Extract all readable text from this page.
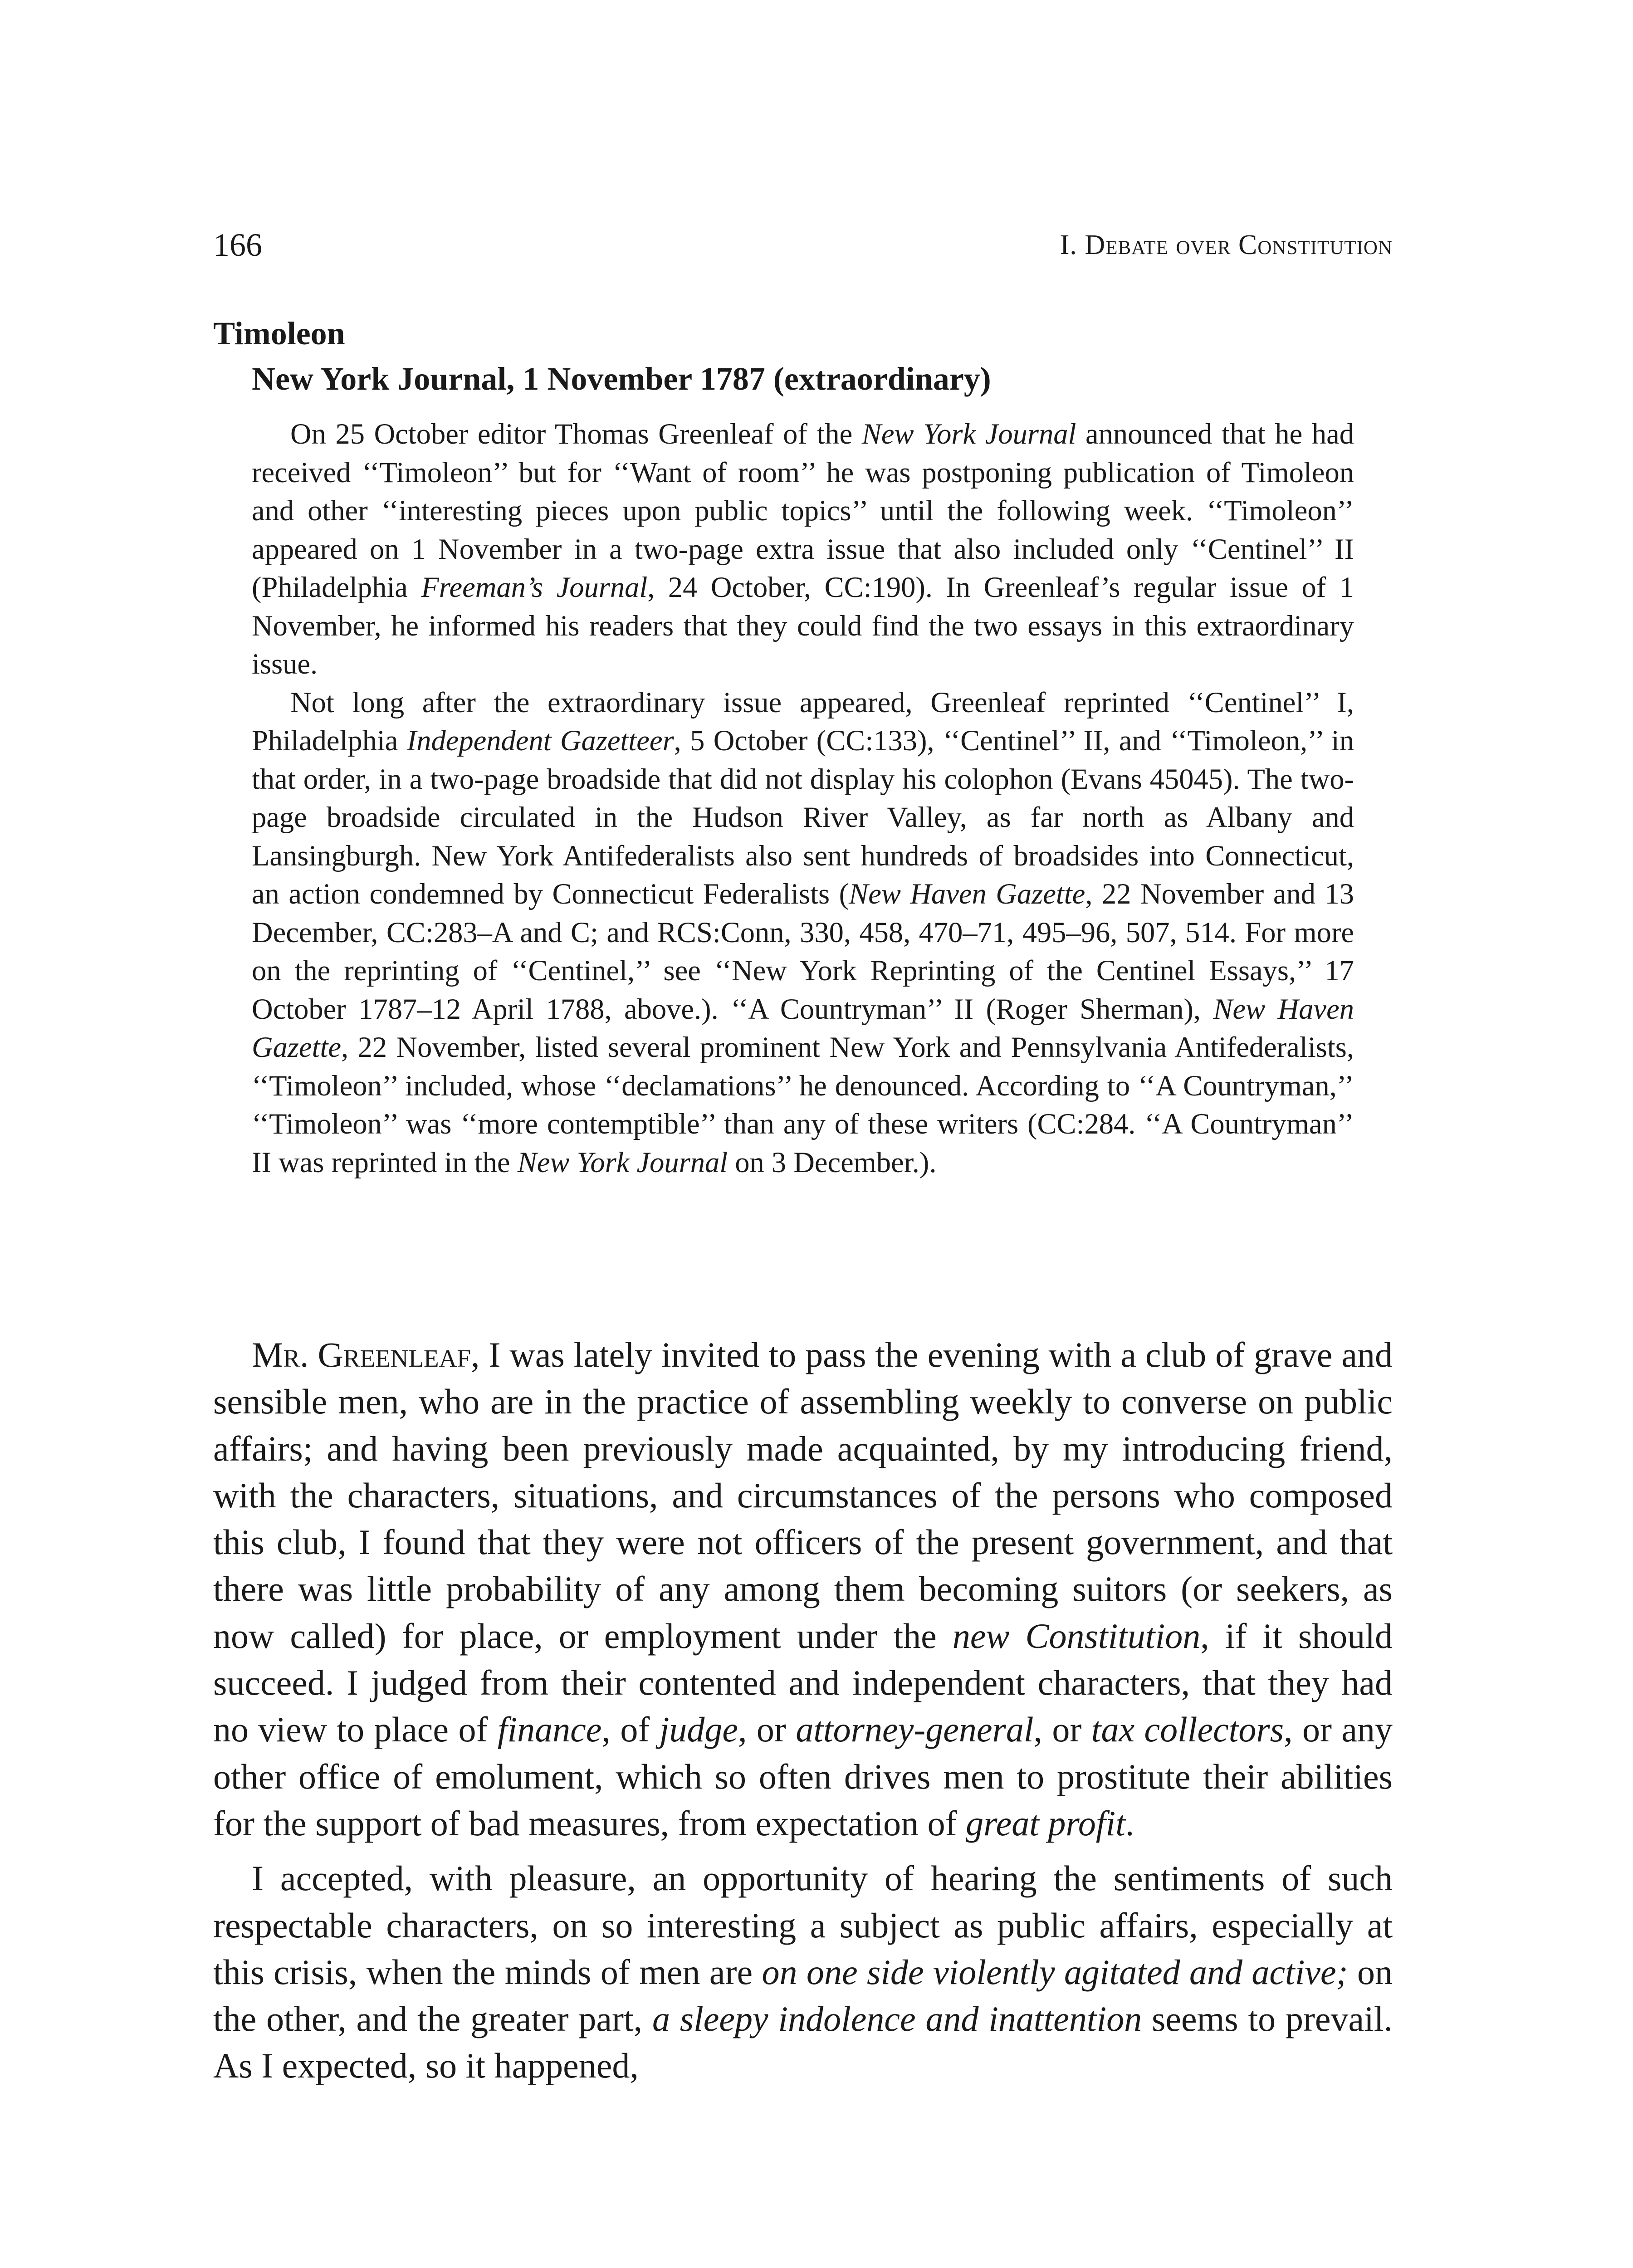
166	I. Debate over Constitution
Timoleon
New York Journal, 1 November 1787 (extraordinary)

On 25 October editor Thomas Greenleaf of the New York Journal announced that he had received ‘‘Timoleon’’ but for ‘‘Want of room’’ he was postponing publication of Timoleon and other ‘‘interesting pieces upon public topics’’ until the following week. ‘‘Timoleon’’ appeared on 1 November in a two-page extra issue that also included only ‘‘Centinel’’ II (Philadelphia Freeman’s Journal, 24 October, CC:190). In Greenleaf’s regular issue of 1 November, he informed his readers that they could find the two essays in this extraordinary issue.

Not long after the extraordinary issue appeared, Greenleaf reprinted ‘‘Centinel’’ I, Philadelphia Independent Gazetteer, 5 October (CC:133), ‘‘Centinel’’ II, and ‘‘Timoleon,’’ in that order, in a two-page broadside that did not display his colophon (Evans 45045). The two-page broadside circulated in the Hudson River Valley, as far north as Albany and Lansingburgh. New York Antifederalists also sent hundreds of broadsides into Connecticut, an action condemned by Connecticut Federalists (New Haven Gazette, 22 November and 13 December, CC:283–A and C; and RCS:Conn, 330, 458, 470–71, 495–96, 507, 514. For more on the reprinting of ‘‘Centinel,’’ see ‘‘New York Reprinting of the Centinel Essays,’’ 17 October 1787–12 April 1788, above.). ‘‘A Countryman’’ II (Roger Sherman), New Haven Gazette, 22 November, listed several prominent New York and Pennsylvania Antifederalists, ‘‘Timoleon’’ included, whose ‘‘declamations’’ he denounced. According to ‘‘A Countryman,’’ ‘‘Timoleon’’ was ‘‘more contemptible’’ than any of these writers (CC:284. ‘‘A Countryman’’ II was reprinted in the New York Journal on 3 December.).

Mr. Greenleaf, I was lately invited to pass the evening with a club of grave and sensible men, who are in the practice of assembling weekly to converse on public affairs; and having been previously made acquainted, by my introducing friend, with the characters, situations, and circumstances of the persons who composed this club, I found that they were not officers of the present government, and that there was little probability of any among them becoming suitors (or seekers, as now called) for place, or employment under the new Constitution, if it should succeed. I judged from their contented and independent characters, that they had no view to place of finance, of judge, or attorney-general, or tax collectors, or any other office of emolument, which so often drives men to prostitute their abilities for the support of bad measures, from expectation of great profit.

I accepted, with pleasure, an opportunity of hearing the sentiments of such respectable characters, on so interesting a subject as public affairs, especially at this crisis, when the minds of men are on one side violently agitated and active; on the other, and the greater part, a sleepy indolence and inattention seems to prevail. As I expected, so it happened,
